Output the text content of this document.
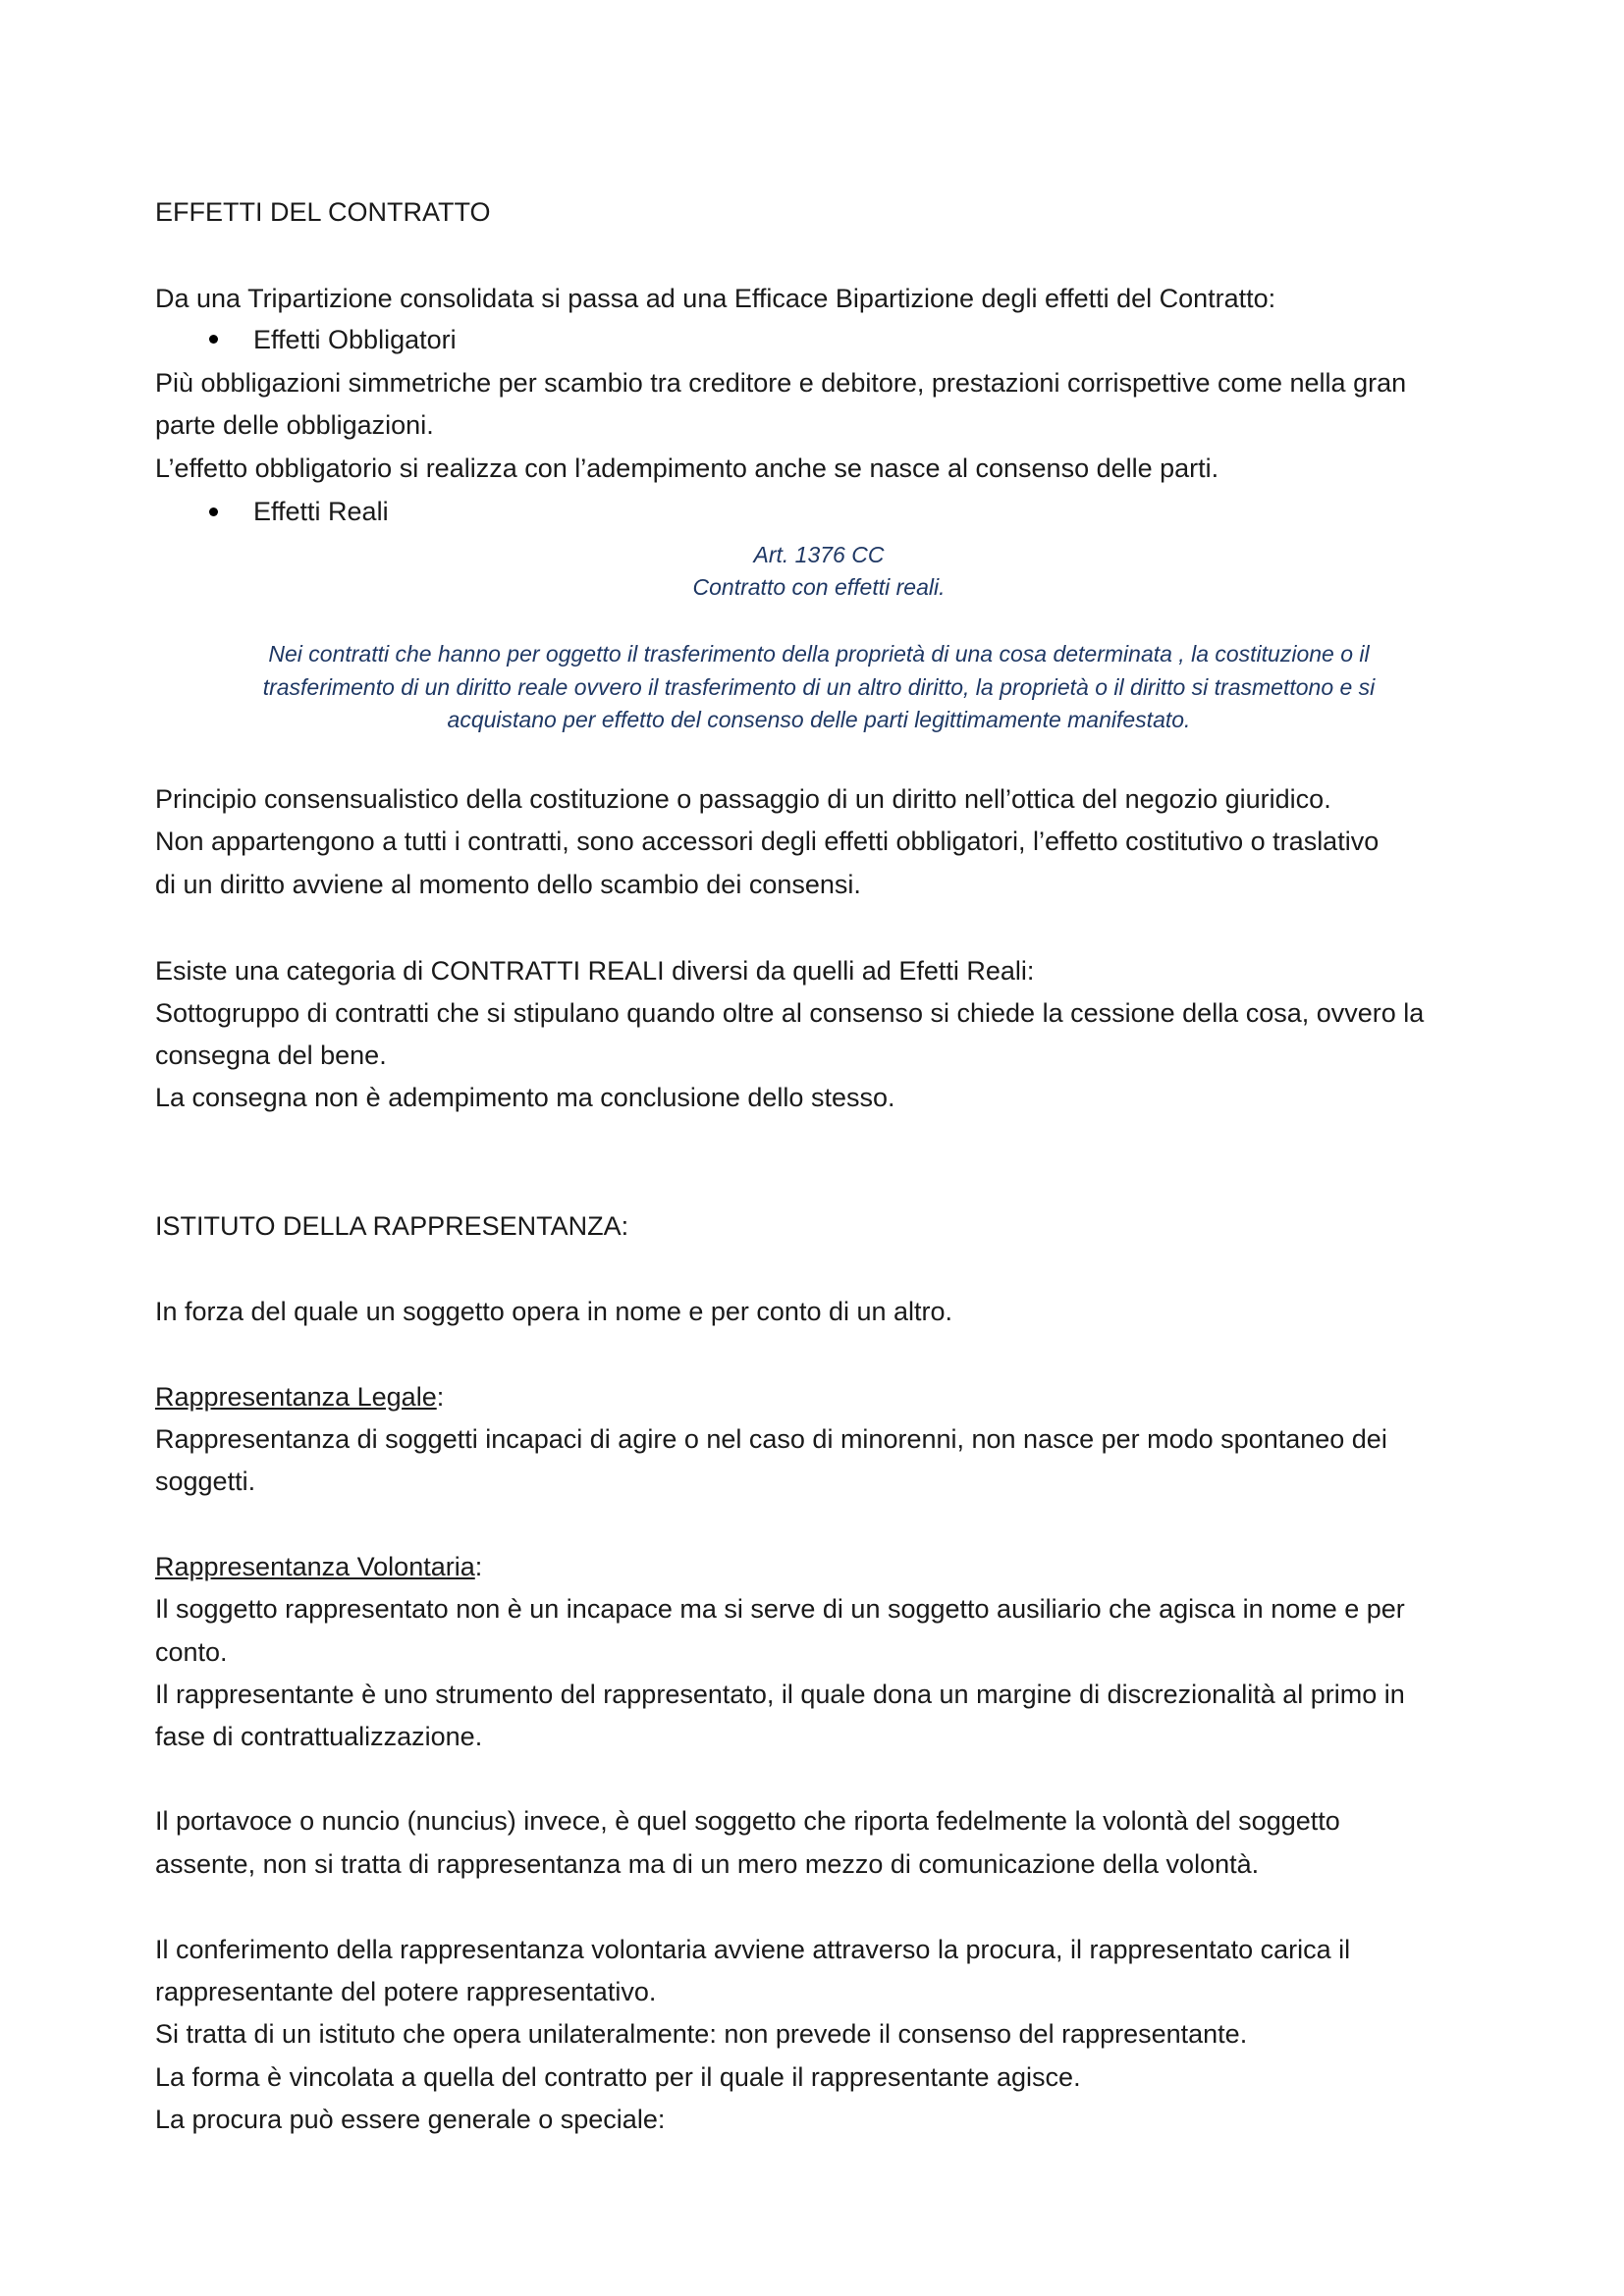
EFFETTI DEL CONTRATTO
Da una Tripartizione consolidata si passa ad una Efficace Bipartizione degli effetti del Contratto:
Effetti Obbligatori
Più obbligazioni simmetriche per scambio tra creditore e debitore, prestazioni corrispettive come nella gran
parte delle obbligazioni.
L’effetto obbligatorio si realizza con l’adempimento anche se nasce al consenso delle parti.
Effetti Reali
Art. 1376 CC
Contratto con effetti reali.
Nei contratti che hanno per oggetto il trasferimento della proprietà di una cosa determinata , la costituzione o il
trasferimento di un diritto reale ovvero il trasferimento di un altro diritto, la proprietà o il diritto si trasmettono e si
acquistano per effetto del consenso delle parti legittimamente manifestato.
Principio consensualistico della costituzione o passaggio di un diritto nell’ottica del negozio giuridico.
Non appartengono a tutti i contratti, sono accessori degli effetti obbligatori, l’effetto costitutivo o traslativo
di un diritto avviene al momento dello scambio dei consensi.
Esiste una categoria di CONTRATTI REALI diversi da quelli ad Efetti Reali:
Sottogruppo di contratti che si stipulano quando oltre al consenso si chiede la cessione della cosa, ovvero la
consegna del bene.
La consegna non è adempimento ma conclusione dello stesso.
ISTITUTO DELLA RAPPRESENTANZA:
In forza del quale un soggetto opera in nome e per conto di un altro.
Rappresentanza Legale:
Rappresentanza di soggetti incapaci di agire o nel caso di minorenni, non nasce per modo spontaneo dei
soggetti.
Rappresentanza Volontaria:
Il soggetto rappresentato non è un incapace ma si serve di un soggetto ausiliario che agisca in nome e per
conto.
Il rappresentante è uno strumento del rappresentato, il quale dona un margine di discrezionalità al primo in
fase di contrattualizzazione.
Il portavoce o nuncio (nuncius) invece, è quel soggetto che riporta fedelmente la volontà del soggetto
assente, non si tratta di rappresentanza ma di un mero mezzo di comunicazione della volontà.
Il conferimento della rappresentanza volontaria avviene attraverso la procura, il rappresentato carica il
rappresentante del potere rappresentativo.
Si tratta di un istituto che opera unilateralmente: non prevede il consenso del rappresentante.
La forma è vincolata a quella del contratto per il quale il rappresentante agisce.
La procura può essere generale o speciale:
